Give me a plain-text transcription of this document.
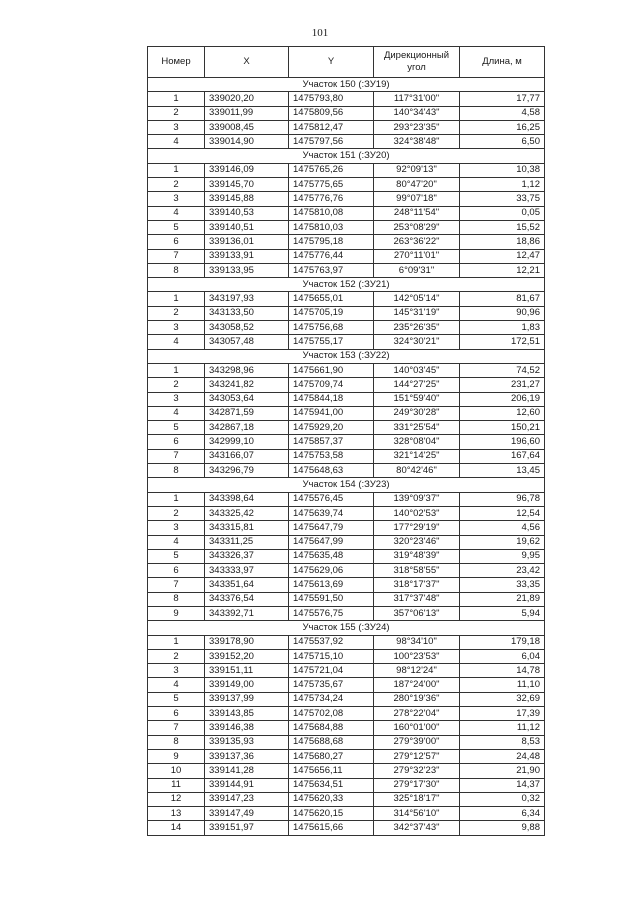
101
Номер	X	Y	Дирекционный угол	Длина, м
Участок 150 (:ЗУ19)				
1	339020,20	1475793,80	117°31'00"	17,77
2	339011,99	1475809,56	140°34'43"	4,58
3	339008,45	1475812,47	293°23'35"	16,25
4	339014,90	1475797,56	324°38'48"	6,50
Участок 151 (:ЗУ20)				
1	339146,09	1475765,26	92°09'13"	10,38
2	339145,70	1475775,65	80°47'20"	1,12
3	339145,88	1475776,76	99°07'18"	33,75
4	339140,53	1475810,08	248°11'54"	0,05
5	339140,51	1475810,03	253°08'29"	15,52
6	339136,01	1475795,18	263°36'22"	18,86
7	339133,91	1475776,44	270°11'01"	12,47
8	339133,95	1475763,97	6°09'31"	12,21
Участок 152 (:ЗУ21)				
1	343197,93	1475655,01	142°05'14"	81,67
2	343133,50	1475705,19	145°31'19"	90,96
3	343058,52	1475756,68	235°26'35"	1,83
4	343057,48	1475755,17	324°30'21"	172,51
Участок 153 (:ЗУ22)				
1	343298,96	1475661,90	140°03'45"	74,52
2	343241,82	1475709,74	144°27'25"	231,27
3	343053,64	1475844,18	151°59'40"	206,19
4	342871,59	1475941,00	249°30'28"	12,60
5	342867,18	1475929,20	331°25'54"	150,21
6	342999,10	1475857,37	328°08'04"	196,60
7	343166,07	1475753,58	321°14'25"	167,64
8	343296,79	1475648,63	80°42'46"	13,45
Участок 154 (:ЗУ23)				
1	343398,64	1475576,45	139°09'37"	96,78
2	343325,42	1475639,74	140°02'53"	12,54
3	343315,81	1475647,79	177°29'19"	4,56
4	343311,25	1475647,99	320°23'46"	19,62
5	343326,37	1475635,48	319°48'39"	9,95
6	343333,97	1475629,06	318°58'55"	23,42
7	343351,64	1475613,69	318°17'37"	33,35
8	343376,54	1475591,50	317°37'48"	21,89
9	343392,71	1475576,75	357°06'13"	5,94
Участок 155 (:ЗУ24)				
1	339178,90	1475537,92	98°34'10"	179,18
2	339152,20	1475715,10	100°23'53"	6,04
3	339151,11	1475721,04	98°12'24"	14,78
4	339149,00	1475735,67	187°24'00"	11,10
5	339137,99	1475734,24	280°19'36"	32,69
6	339143,85	1475702,08	278°22'04"	17,39
7	339146,38	1475684,88	160°01'00"	11,12
8	339135,93	1475688,68	279°39'00"	8,53
9	339137,36	1475680,27	279°12'57"	24,48
10	339141,28	1475656,11	279°32'23"	21,90
11	339144,91	1475634,51	279°17'30"	14,37
12	339147,23	1475620,33	325°18'17"	0,32
13	339147,49	1475620,15	314°56'10"	6,34
14	339151,97	1475615,66	342°37'43"	9,88
